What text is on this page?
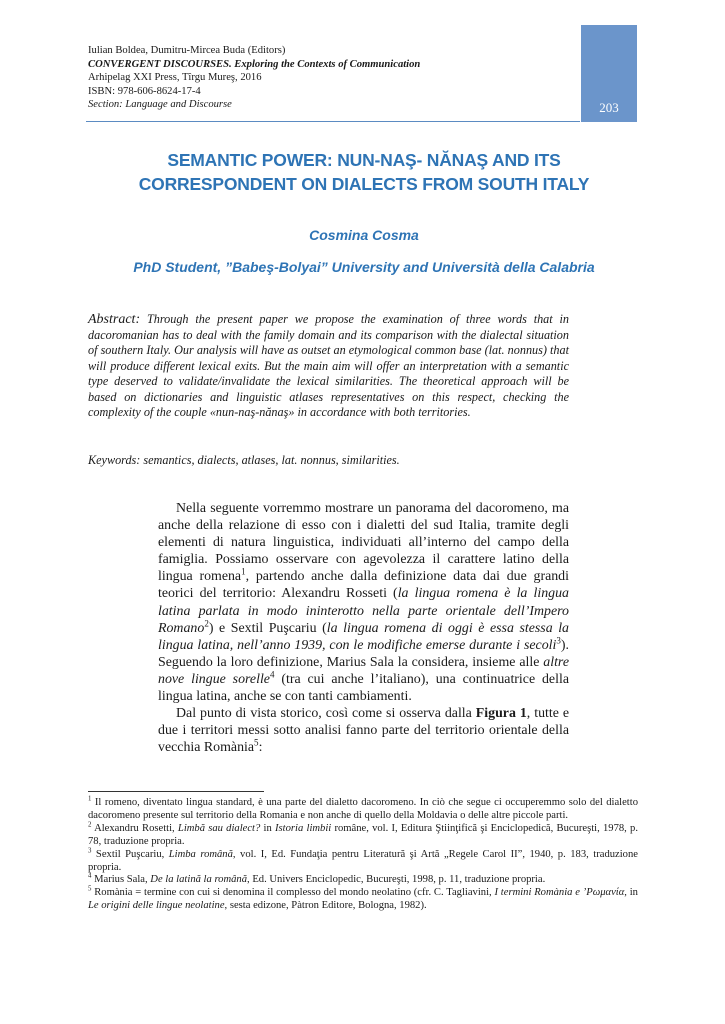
Iulian Boldea, Dumitru-Mircea Buda (Editors)
CONVERGENT DISCOURSES. Exploring the Contexts of Communication
Arhipelag XXI Press, Tîrgu Mureş, 2016
ISBN: 978-606-8624-17-4
Section: Language and Discourse	203
SEMANTIC POWER: NUN-NAŞ- NĂNAŞ AND ITS
CORRESPONDENT ON DIALECTS FROM SOUTH ITALY
Cosmina Cosma
PhD Student, ”Babeş-Bolyai” University and Università della Calabria
Abstract: Through the present paper we propose the examination of three words that in dacoromanian has to deal with the family domain and its comparison with the dialectal situation of southern Italy. Our analysis will have as outset an etymological common base (lat. nonnus) that will produce different lexical exits. But the main aim will offer an interpretation with a semantic type deserved to validate/invalidate the lexical similarities. The theoretical approach will be based on dictionaries and linguistic atlases representatives on this respect, checking the complexity of the couple «nun-naş-nănaş» in accordance with both territories.
Keywords: semantics, dialects, atlases, lat. nonnus, similarities.

Nella seguente vorremmo mostrare un panorama del dacoromeno, ma anche della relazione di esso con i dialetti del sud Italia, tramite degli elementi di natura linguistica, individuati all’interno del campo della famiglia. Possiamo osservare con agevolezza il carattere latino della lingua romena$^1$, partendo anche dalla definizione data dai due grandi teorici del territorio: Alexandru Rosseti (la lingua romena è la lingua latina parlata in modo ininterotto nella parte orientale dell’Impero Romano$^2$) e Sextil Puşcariu (la lingua romena di oggi è essa stessa la lingua latina, nell’anno 1939, con le modifiche emerse durante i secoli$^3$). Seguendo la loro definizione, Marius Sala la considera, insieme alle altre nove lingue sorelle$^4$ (tra cui anche l’italiano), una continuatrice della lingua latina, anche se con tanti cambiamenti.

Dal punto di vista storico, così come si osserva dalla Figura 1, tutte e due i territori messi sotto analisi fanno parte del territorio orientale della vecchia Romània$^5$:

$^1$ Il romeno, diventato lingua standard, è una parte del dialetto dacoromeno. In ciò che segue ci occuperemmo solo del dialetto dacoromeno presente sul territorio della Romania e non anche di quello della Moldavia o delle altre piccole parti.

$^2$ Alexandru Rosetti, Limbă sau dialect? in Istoria limbii române, vol. I, Editura Ştiinţifică şi Enciclopedică, Bucureşti, 1978, p. 78, traduzione propria.

$^3$ Sextil Puşcariu, Limba română, vol. I, Ed. Fundaţia pentru Literatură şi Artă „Regele Carol II”, 1940, p. 183, traduzione propria.

$^4$ Marius Sala, De la latină la română, Ed. Univers Enciclopedic, Bucureşti, 1998, p. 11, traduzione propria.

$^5$ Romània = termine con cui si denomina il complesso del mondo neolatino (cfr. C. Tagliavini, I termini Romània e ’Ρωμανία, in Le origini delle lingue neolatine, sesta edizone, Pàtron Editore, Bologna, 1982).
